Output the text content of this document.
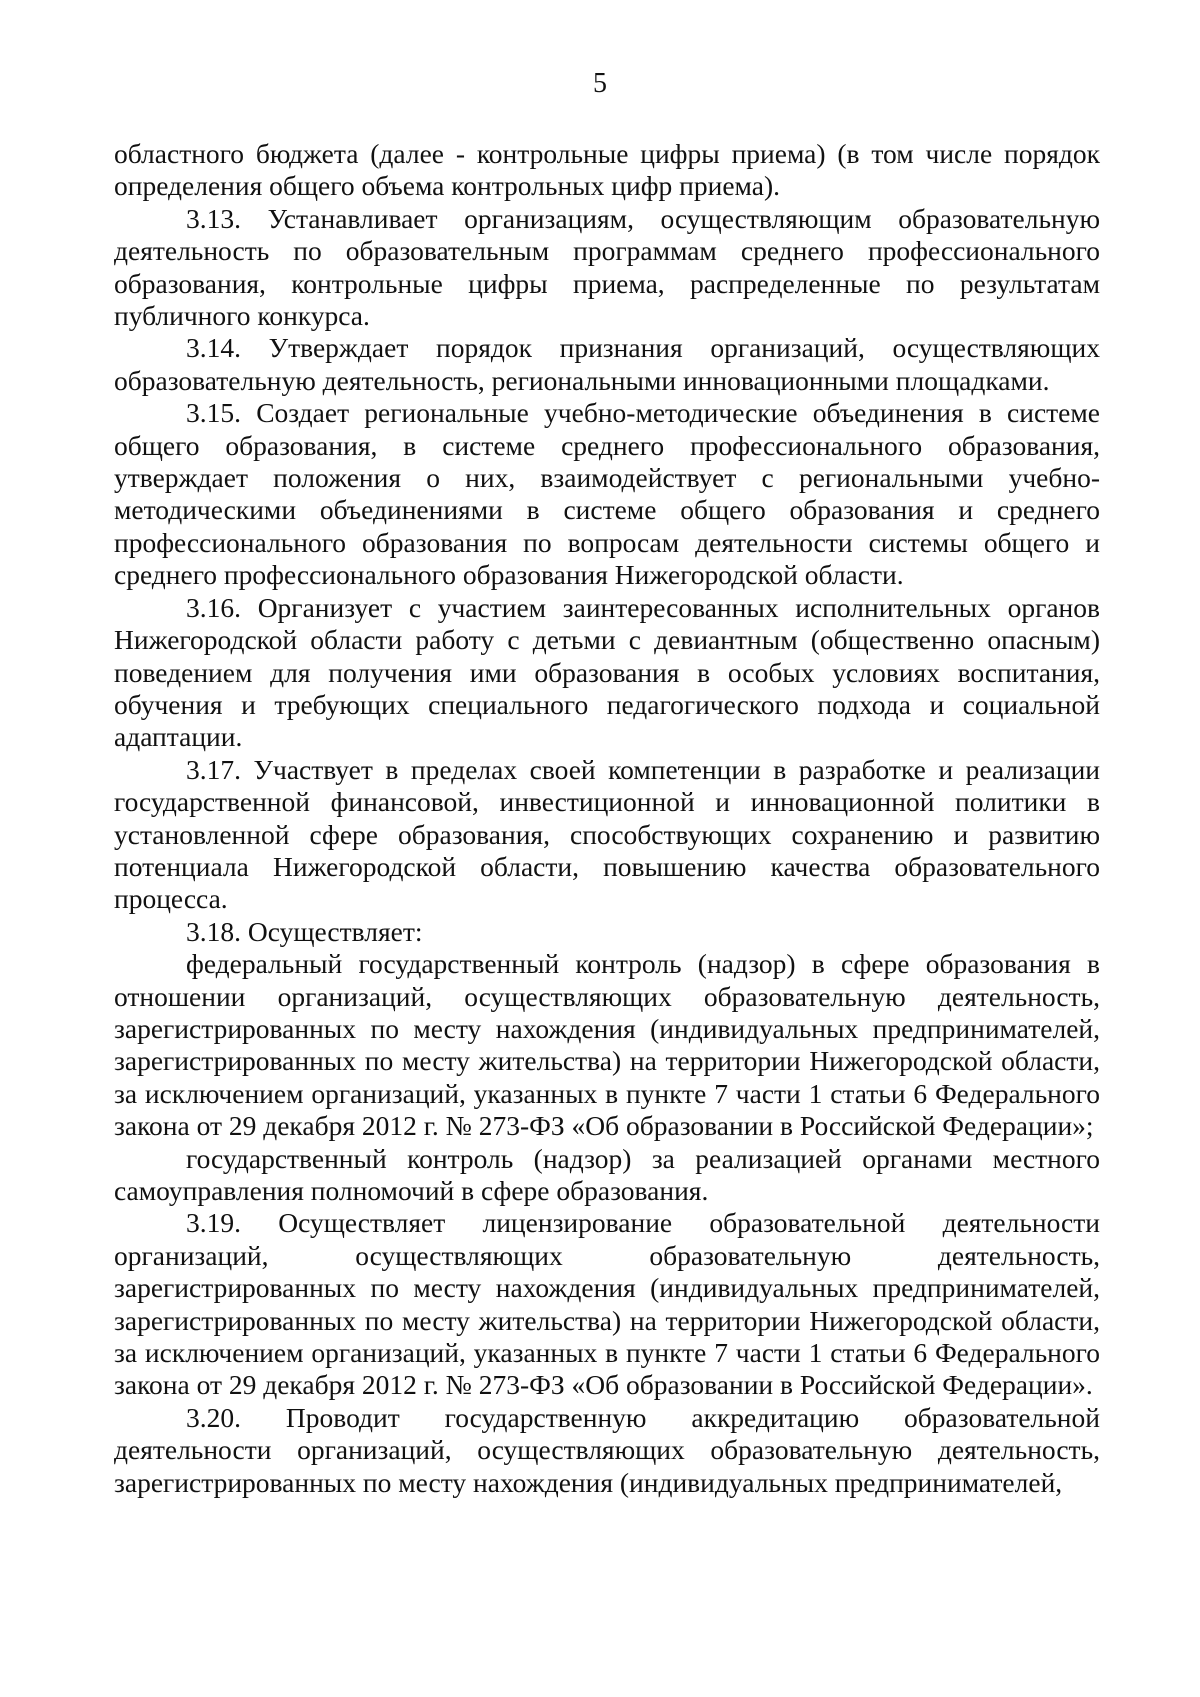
5

областного бюджета (далее - контрольные цифры приема) (в том числе порядок определения общего объема контрольных цифр приема).

3.13. Устанавливает организациям, осуществляющим образовательную деятельность по образовательным программам среднего профессионального образования, контрольные цифры приема, распределенные по результатам публичного конкурса.

3.14. Утверждает порядок признания организаций, осуществляющих образовательную деятельность, региональными инновационными площадками.

3.15. Создает региональные учебно-методические объединения в системе общего образования, в системе среднего профессионального образования, утверждает положения о них, взаимодействует с региональными учебно-методическими объединениями в системе общего образования и среднего профессионального образования по вопросам деятельности системы общего и среднего профессионального образования Нижегородской области.

3.16. Организует с участием заинтересованных исполнительных органов Нижегородской области работу с детьми с девиантным (общественно опасным) поведением для получения ими образования в особых условиях воспитания, обучения и требующих специального педагогического подхода и социальной адаптации.

3.17. Участвует в пределах своей компетенции в разработке и реализации государственной финансовой, инвестиционной и инновационной политики в установленной сфере образования, способствующих сохранению и развитию потенциала Нижегородской области, повышению качества образовательного процесса.

3.18. Осуществляет:

федеральный государственный контроль (надзор) в сфере образования в отношении организаций, осуществляющих образовательную деятельность, зарегистрированных по месту нахождения (индивидуальных предпринимателей, зарегистрированных по месту жительства) на территории Нижегородской области, за исключением организаций, указанных в пункте 7 части 1 статьи 6 Федерального закона от 29 декабря 2012 г. № 273-ФЗ «Об образовании в Российской Федерации»;

государственный контроль (надзор) за реализацией органами местного самоуправления полномочий в сфере образования.

3.19. Осуществляет лицензирование образовательной деятельности организаций, осуществляющих образовательную деятельность, зарегистрированных по месту нахождения (индивидуальных предпринимателей, зарегистрированных по месту жительства) на территории Нижегородской области, за исключением организаций, указанных в пункте 7 части 1 статьи 6 Федерального закона от 29 декабря 2012 г. № 273-ФЗ «Об образовании в Российской Федерации».

3.20. Проводит государственную аккредитацию образовательной деятельности организаций, осуществляющих образовательную деятельность, зарегистрированных по месту нахождения (индивидуальных предпринимателей,
